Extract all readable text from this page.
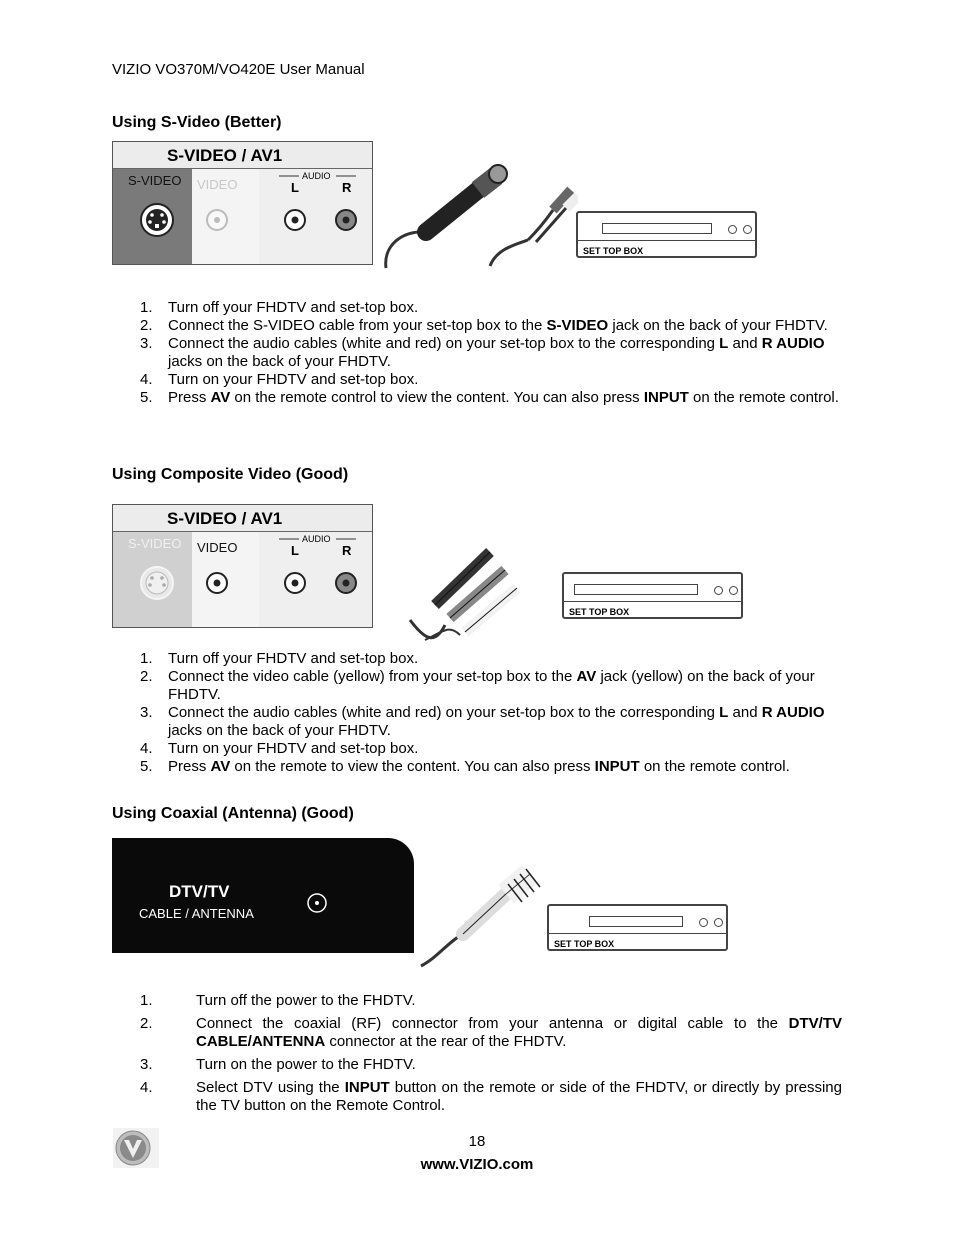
VIZIO VO370M/VO420E User Manual
Using S-Video (Better)
S-VIDEO / AV1
S-VIDEO VIDEO
AUDIO
L	R
SET TOP BOX
1. Turn off your FHDTV and set-top box.
2. Connect the S-VIDEO cable from your set-top box to the S-VIDEO jack on the back of your FHDTV.
3. Connect the audio cables (white and red) on your set-top box to the corresponding L and R AUDIO jacks on the back of your FHDTV.
4. Turn on your FHDTV and set-top box.
5. Press AV on the remote control to view the content. You can also press INPUT on the remote control.
Using Composite Video (Good)
S-VIDEO / AV1
S-VIDEO VIDEO
AUDIO
L	R
SET TOP BOX
1. Turn off your FHDTV and set-top box.
2. Connect the video cable (yellow) from your set-top box to the AV jack (yellow) on the back of your FHDTV.
3. Connect the audio cables (white and red) on your set-top box to the corresponding L and R AUDIO jacks on the back of your FHDTV.
4. Turn on your FHDTV and set-top box.
5. Press AV on the remote to view the content. You can also press INPUT on the remote control.
Using Coaxial (Antenna) (Good)
DTV/TV
CABLE / ANTENNA
SET TOP BOX
1.	Turn off the power to the FHDTV.
2.	Connect the coaxial (RF) connector from your antenna or digital cable to the DTV/TV CABLE/ANTENNA connector at the rear of the FHDTV.
3.	Turn on the power to the FHDTV.
4.	Select DTV using the INPUT button on the remote or side of the FHDTV, or directly by pressing the TV button on the Remote Control.
18
www.VIZIO.com
